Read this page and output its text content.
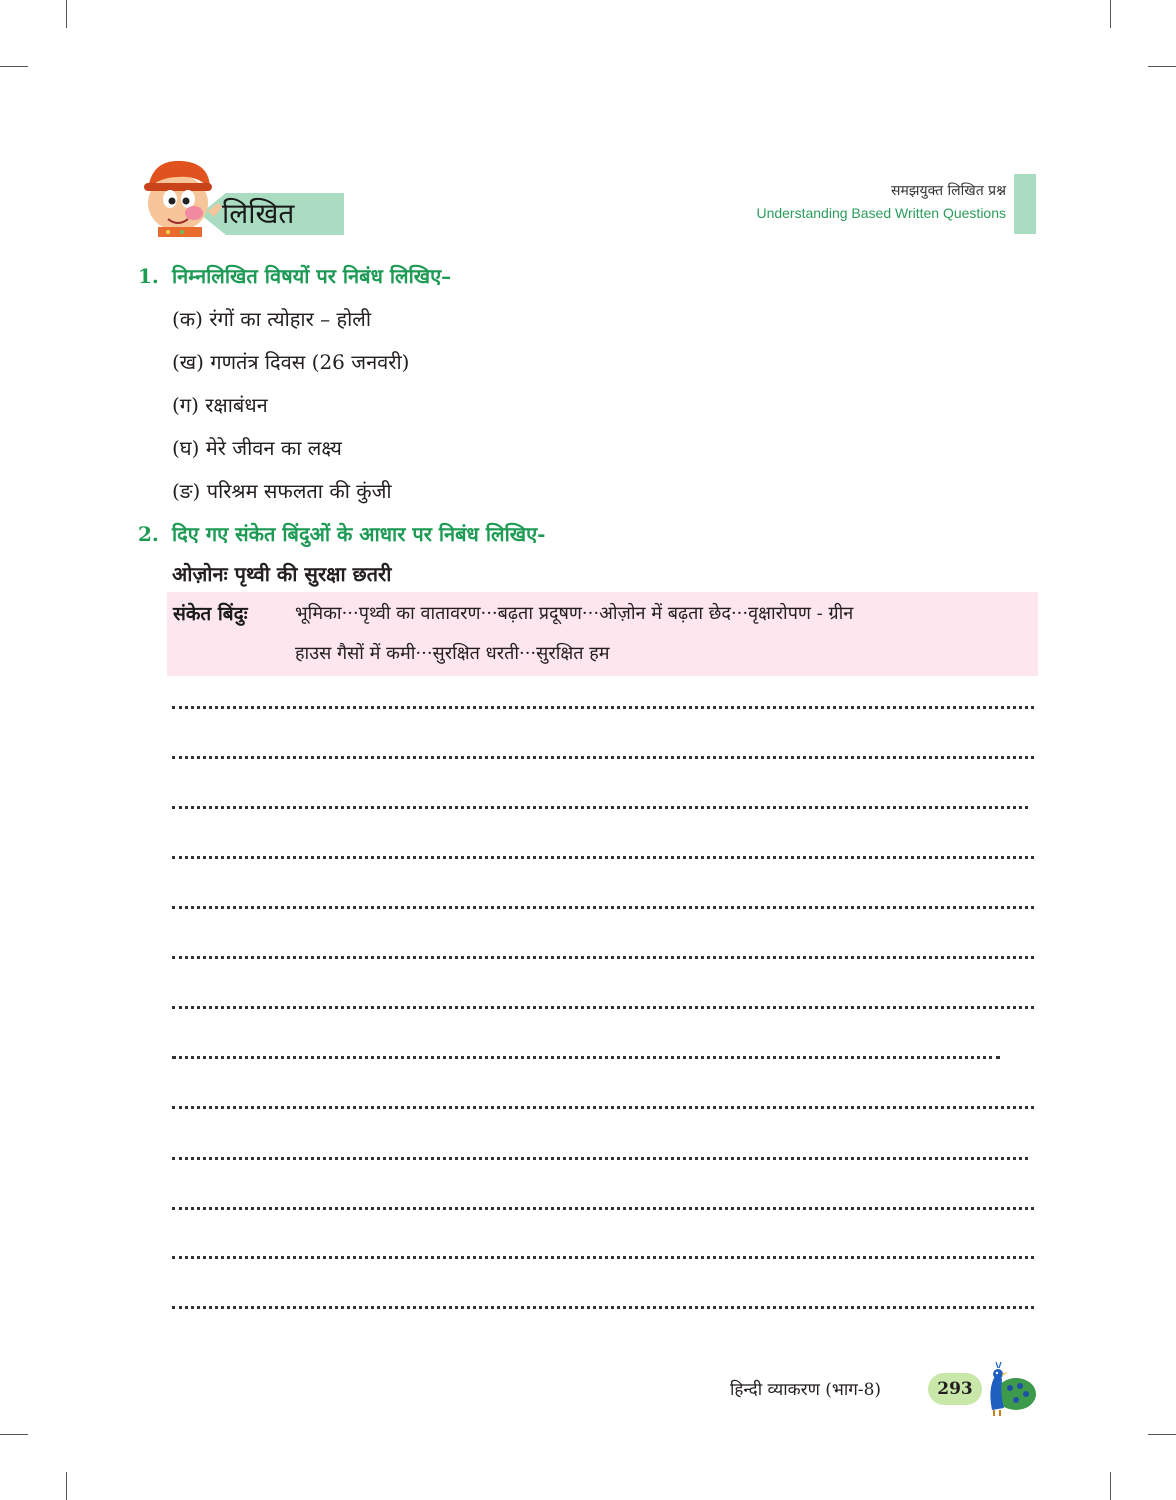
लिखित
समझयुक्त लिखित प्रश्न
Understanding Based Written Questions
1. निम्नलिखित विषयों पर निबंध लिखिए–
(क) रंगों का त्योहार – होली
(ख) गणतंत्र दिवस (26 जनवरी)
(ग) रक्षाबंधन
(घ) मेरे जीवन का लक्ष्य
(ङ) परिश्रम सफलता की कुंजी
2. दिए गए संकेत बिंदुओं के आधार पर निबंध लिखिए-
ओज़ोनः पृथ्वी की सुरक्षा छतरी
संकेत बिंदुः	भूमिका···पृथ्वी का वातावरण···बढ़ता प्रदूषण···ओज़ोन में बढ़ता छेद···वृक्षारोपण - ग्रीन
हाउस गैसों में कमी···सुरक्षित धरती···सुरक्षित हम
हिन्दी व्याकरण (भाग-8)	293
